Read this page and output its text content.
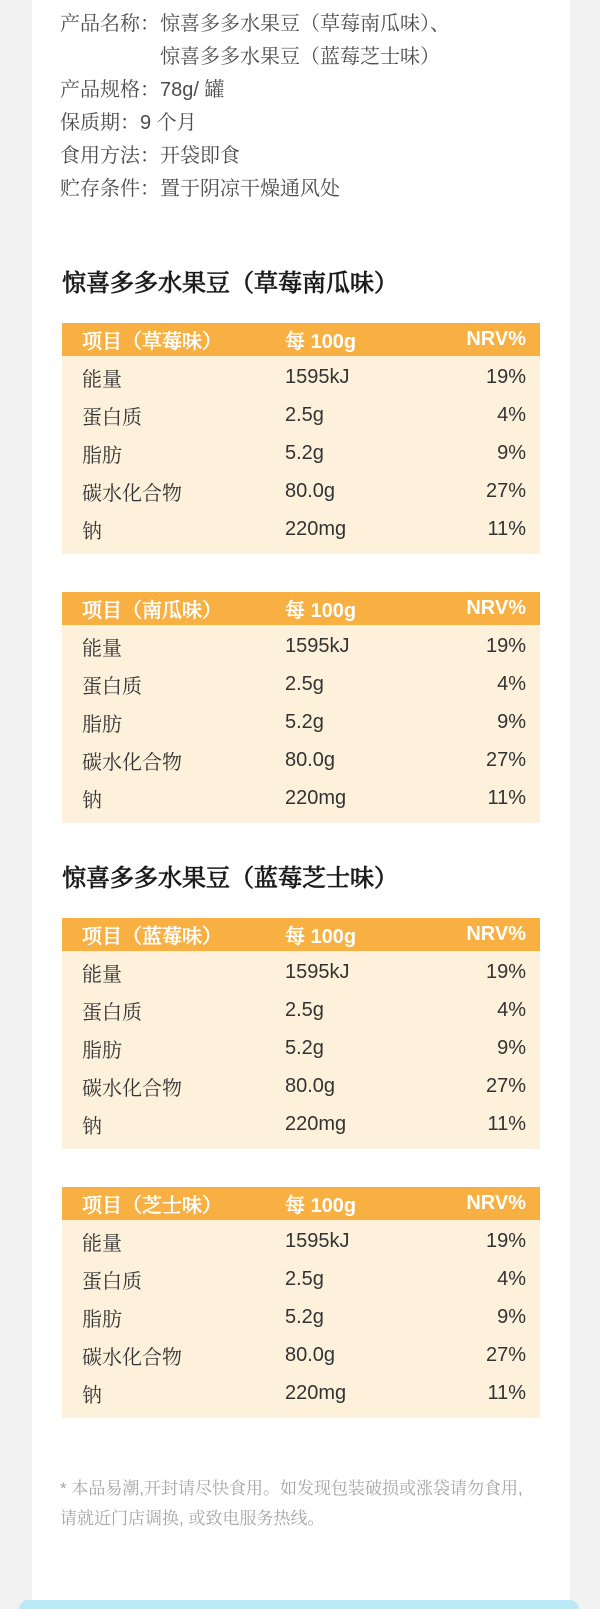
产品名称： 惊喜多多水果豆（草莓南瓜味）、
惊喜多多水果豆（蓝莓芝士味）
产品规格：78g/ 罐
保质期：9 个月
食用方法：开袋即食
贮存条件：置于阴凉干燥通风处
惊喜多多水果豆（草莓南瓜味）
项目（草莓味）	每 100g	NRV%
能量	1595kJ	19%
蛋白质	2.5g	4%
脂肪	5.2g	9%
碳水化合物	80.0g	27%
钠	220mg	11%
项目（南瓜味）	每 100g	NRV%
能量	1595kJ	19%
蛋白质	2.5g	4%
脂肪	5.2g	9%
碳水化合物	80.0g	27%
钠	220mg	11%
惊喜多多水果豆（蓝莓芝士味）
项目（蓝莓味）	每 100g	NRV%
能量	1595kJ	19%
蛋白质	2.5g	4%
脂肪	5.2g	9%
碳水化合物	80.0g	27%
钠	220mg	11%
项目（芝士味）	每 100g	NRV%
能量	1595kJ	19%
蛋白质	2.5g	4%
脂肪	5.2g	9%
碳水化合物	80.0g	27%
钠	220mg	11%
* 本品易潮,开封请尽快食用。如发现包装破损或涨袋请勿食用,
请就近门店调换, 或致电服务热线。
